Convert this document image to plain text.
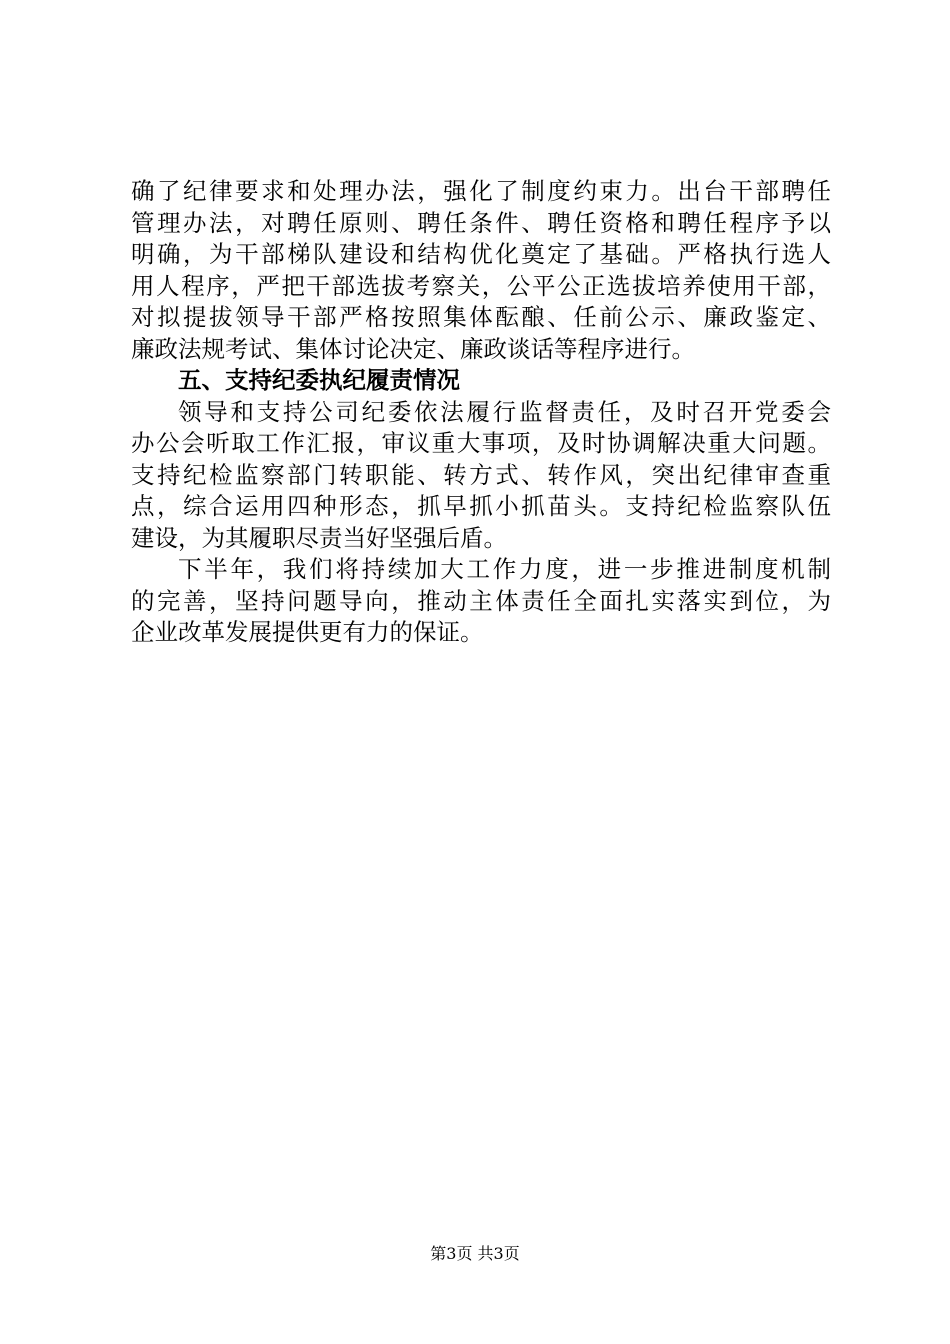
确了纪律要求和处理办法，强化了制度约束力。出台干部聘任
管理办法，对聘任原则、聘任条件、聘任资格和聘任程序予以
明确，为干部梯队建设和结构优化奠定了基础。严格执行选人
用人程序，严把干部选拔考察关，公平公正选拔培养使用干部，
对拟提拔领导干部严格按照集体酝酿、任前公示、廉政鉴定、
廉政法规考试、集体讨论决定、廉政谈话等程序进行。
五、支持纪委执纪履责情况
领导和支持公司纪委依法履行监督责任，及时召开党委会
办公会听取工作汇报，审议重大事项，及时协调解决重大问题。
支持纪检监察部门转职能、转方式、转作风，突出纪律审查重
点，综合运用四种形态，抓早抓小抓苗头。支持纪检监察队伍
建设，为其履职尽责当好坚强后盾。
下半年，我们将持续加大工作力度，进一步推进制度机制
的完善，坚持问题导向，推动主体责任全面扎实落实到位，为
企业改革发展提供更有力的保证。
第3页 共3页
